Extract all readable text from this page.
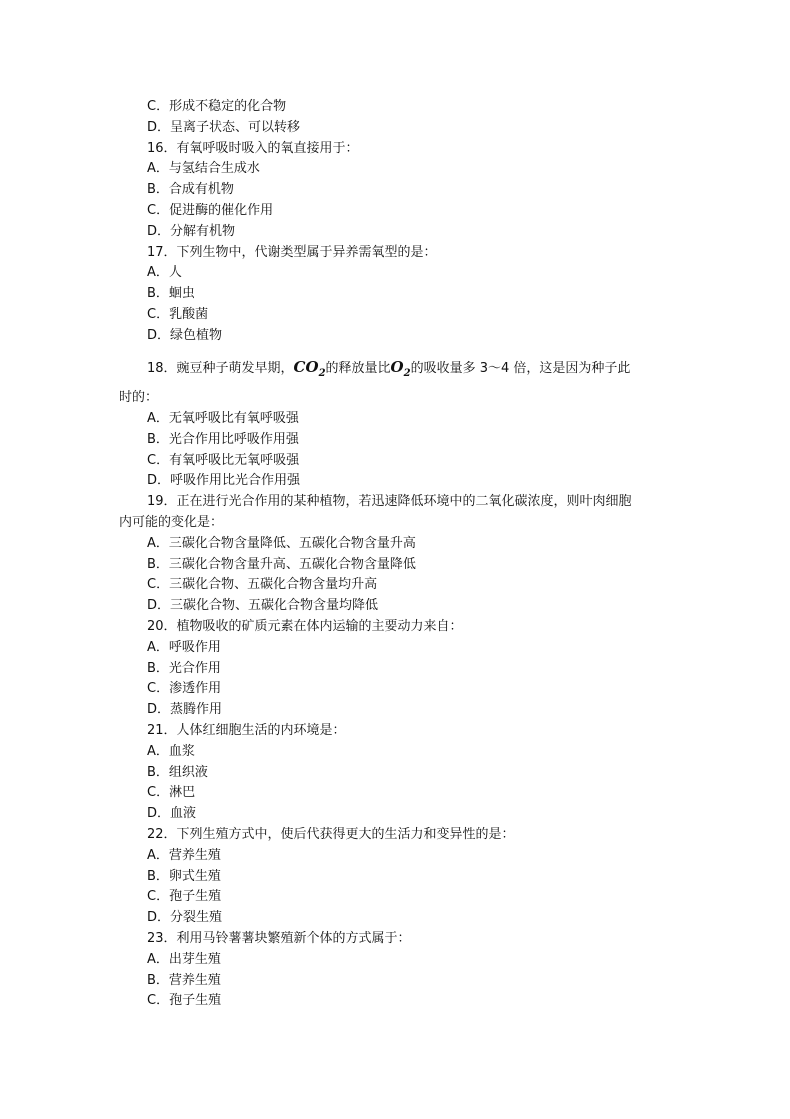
C．形成不稳定的化合物
D．呈离子状态、可以转移
16．有氧呼吸时吸入的氧直接用于：
A．与氢结合生成水
B．合成有机物
C．促进酶的催化作用
D．分解有机物
17．下列生物中，代谢类型属于异养需氧型的是：
A．人
B．蛔虫
C．乳酸菌
D．绿色植物
18．豌豆种子萌发早期，$CO_2$的释放量比$O_2$的吸收量多 3～4 倍，这是因为种子此
时的：
A．无氧呼吸比有氧呼吸强
B．光合作用比呼吸作用强
C．有氧呼吸比无氧呼吸强
D．呼吸作用比光合作用强
19．正在进行光合作用的某种植物，若迅速降低环境中的二氧化碳浓度，则叶肉细胞
内可能的变化是：
A．三碳化合物含量降低、五碳化合物含量升高
B．三碳化合物含量升高、五碳化合物含量降低
C．三碳化合物、五碳化合物含量均升高
D．三碳化合物、五碳化合物含量均降低
20．植物吸收的矿质元素在体内运输的主要动力来自：
A．呼吸作用
B．光合作用
C．渗透作用
D．蒸腾作用
21．人体红细胞生活的内环境是：
A．血浆
B．组织液
C．淋巴
D．血液
22．下列生殖方式中，使后代获得更大的生活力和变异性的是：
A．营养生殖
B．卵式生殖
C．孢子生殖
D．分裂生殖
23．利用马铃薯薯块繁殖新个体的方式属于：
A．出芽生殖
B．营养生殖
C．孢子生殖
